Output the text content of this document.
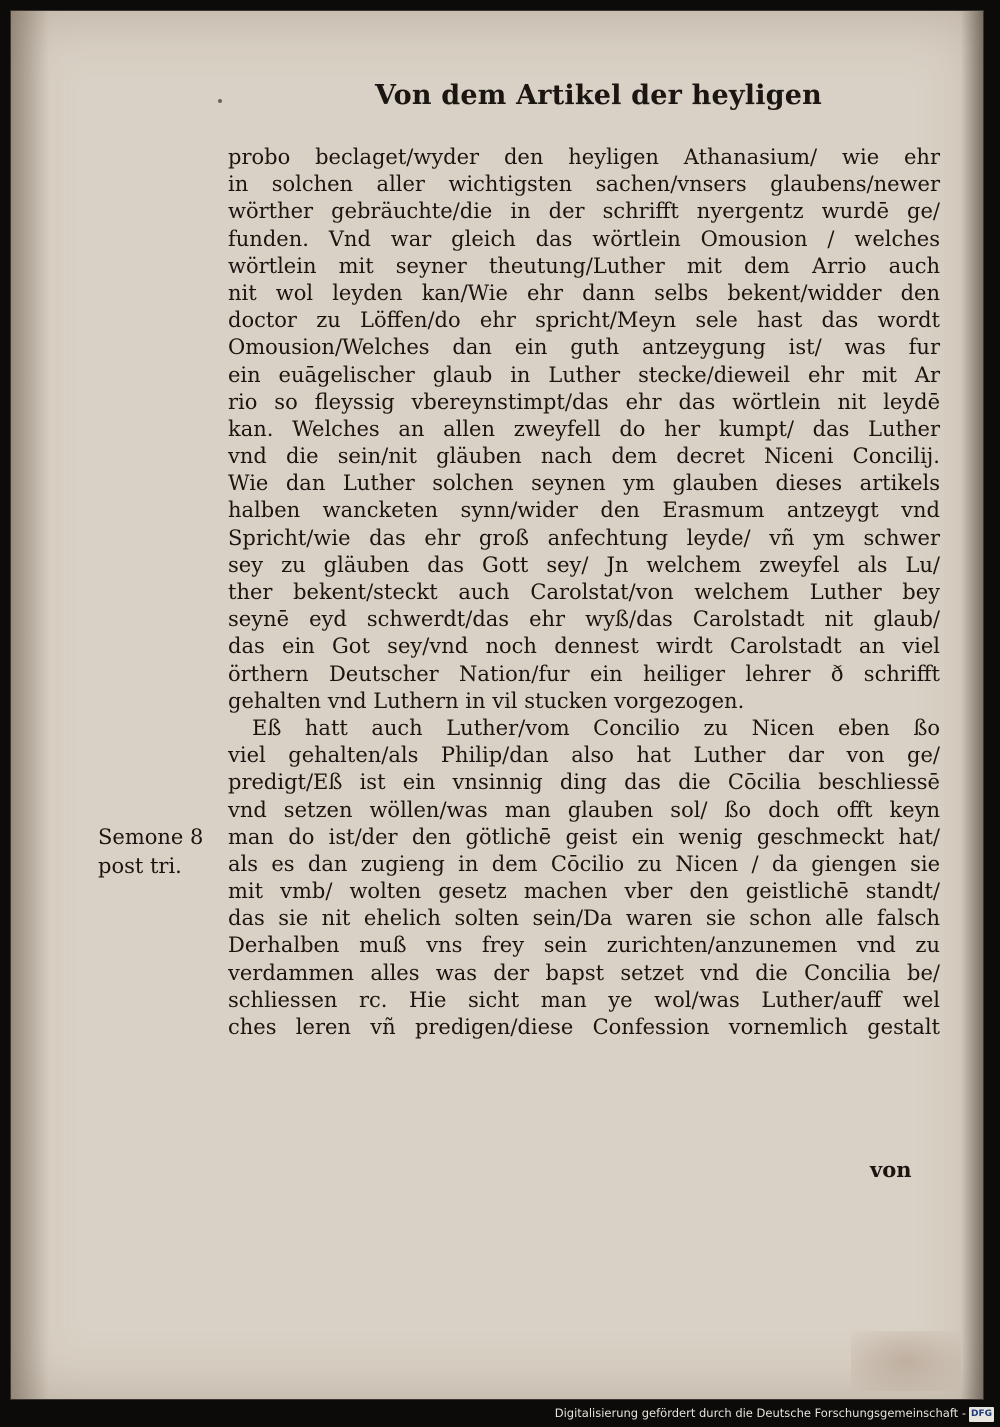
Von dem Artikel der heyligen
probo beclaget/wyder den heyligen Athanasium/ wie ehr
in solchen aller wichtigsten sachen/vnsers glaubens/newer
wörther gebräuchte/die in der schrifft nyergentz wurdē ge/
funden. Vnd war gleich das wörtlein Omousion / welches
wörtlein mit seyner theutung/Luther mit dem Arrio auch
nit wol leyden kan/Wie ehr dann selbs bekent/widder den
doctor zu Löffen/do ehr spricht/Meyn sele hast das wordt
Omousion/Welches dan ein guth antzeygung ist/ was fur
ein euāgelischer glaub in Luther stecke/dieweil ehr mit Ar
rio so fleyssig vbereynstimpt/das ehr das wörtlein nit leydē
kan. Welches an allen zweyfell do her kumpt/ das Luther
vnd die sein/nit gläuben nach dem decret Niceni Concilij.
Wie dan Luther solchen seynen ym glauben dieses artikels
halben wancketen synn/wider den Erasmum antzeygt vnd
Spricht/wie das ehr groß anfechtung leyde/ vñ ym schwer
sey zu gläuben das Gott sey/ Jn welchem zweyfel als Lu/
ther bekent/steckt auch Carolstat/von welchem Luther bey
seynē eyd schwerdt/das ehr wyß/das Carolstadt nit glaub/
das ein Got sey/vnd noch dennest wirdt Carolstadt an viel
örthern Deutscher Nation/fur ein heiliger lehrer ð schrifft
gehalten vnd Luthern in vil stucken vorgezogen.
Eß hatt auch Luther/vom Concilio zu Nicen eben ßo
viel gehalten/als Philip/dan also hat Luther dar von ge/
predigt/Eß ist ein vnsinnig ding das die Cōcilia beschliessē
vnd setzen wöllen/was man glauben sol/ ßo doch offt keyn
man do ist/der den götlichē geist ein wenig geschmeckt hat/
als es dan zugieng in dem Cōcilio zu Nicen / da giengen sie
mit vmb/ wolten gesetz machen vber den geistlichē standt/
das sie nit ehelich solten sein/Da waren sie schon alle falsch
Derhalben muß vns frey sein zurichten/anzunemen vnd zu
verdammen alles was der bapst setzet vnd die Concilia be/
schliessen rc. Hie sicht man ye wol/was Luther/auff wel
ches leren vñ predigen/diese Confession vornemlich gestalt
Semone 8
post tri.
von
Digitalisierung gefördert durch die Deutsche Forschungsgemeinschaft - DFG
